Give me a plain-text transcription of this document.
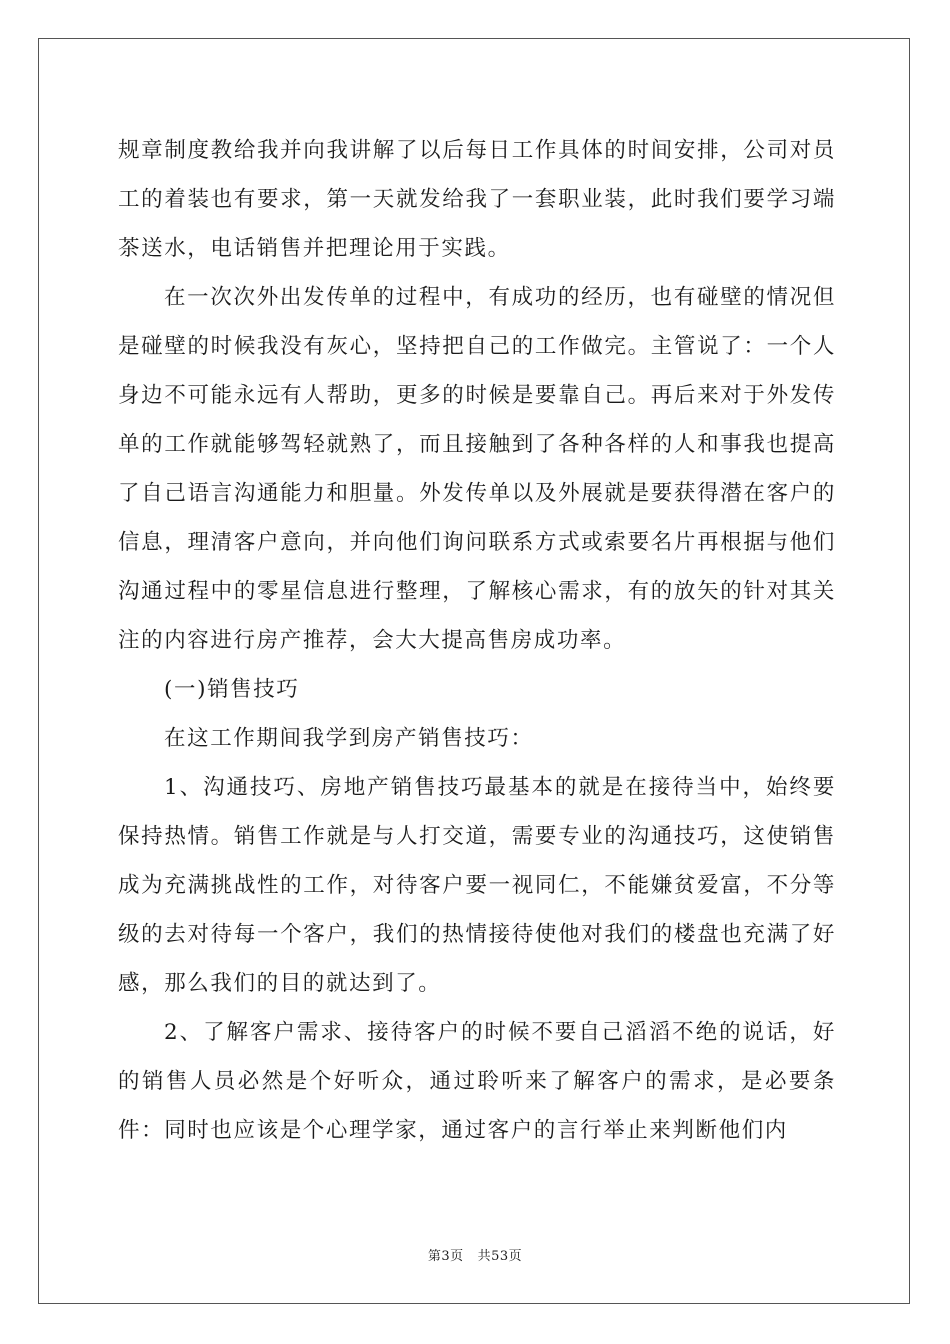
规章制度教给我并向我讲解了以后每日工作具体的时间安排，公司对员工的着装也有要求，第一天就发给我了一套职业装，此时我们要学习端茶送水，电话销售并把理论用于实践。

在一次次外出发传单的过程中，有成功的经历，也有碰壁的情况但是碰壁的时候我没有灰心，坚持把自己的工作做完。主管说了：一个人身边不可能永远有人帮助，更多的时候是要靠自己。再后来对于外发传单的工作就能够驾轻就熟了，而且接触到了各种各样的人和事我也提高了自己语言沟通能力和胆量。外发传单以及外展就是要获得潜在客户的信息，理清客户意向，并向他们询问联系方式或索要名片再根据与他们沟通过程中的零星信息进行整理，了解核心需求，有的放矢的针对其关注的内容进行房产推荐，会大大提高售房成功率。

(一)销售技巧

在这工作期间我学到房产销售技巧：

1、沟通技巧、房地产销售技巧最基本的就是在接待当中，始终要保持热情。销售工作就是与人打交道，需要专业的沟通技巧，这使销售成为充满挑战性的工作，对待客户要一视同仁，不能嫌贫爱富，不分等级的去对待每一个客户，我们的热情接待使他对我们的楼盘也充满了好感，那么我们的目的就达到了。

2、了解客户需求、接待客户的时候不要自己滔滔不绝的说话，好的销售人员必然是个好听众，通过聆听来了解客户的需求，是必要条件：同时也应该是个心理学家，通过客户的言行举止来判断他们内

第3页 共53页
